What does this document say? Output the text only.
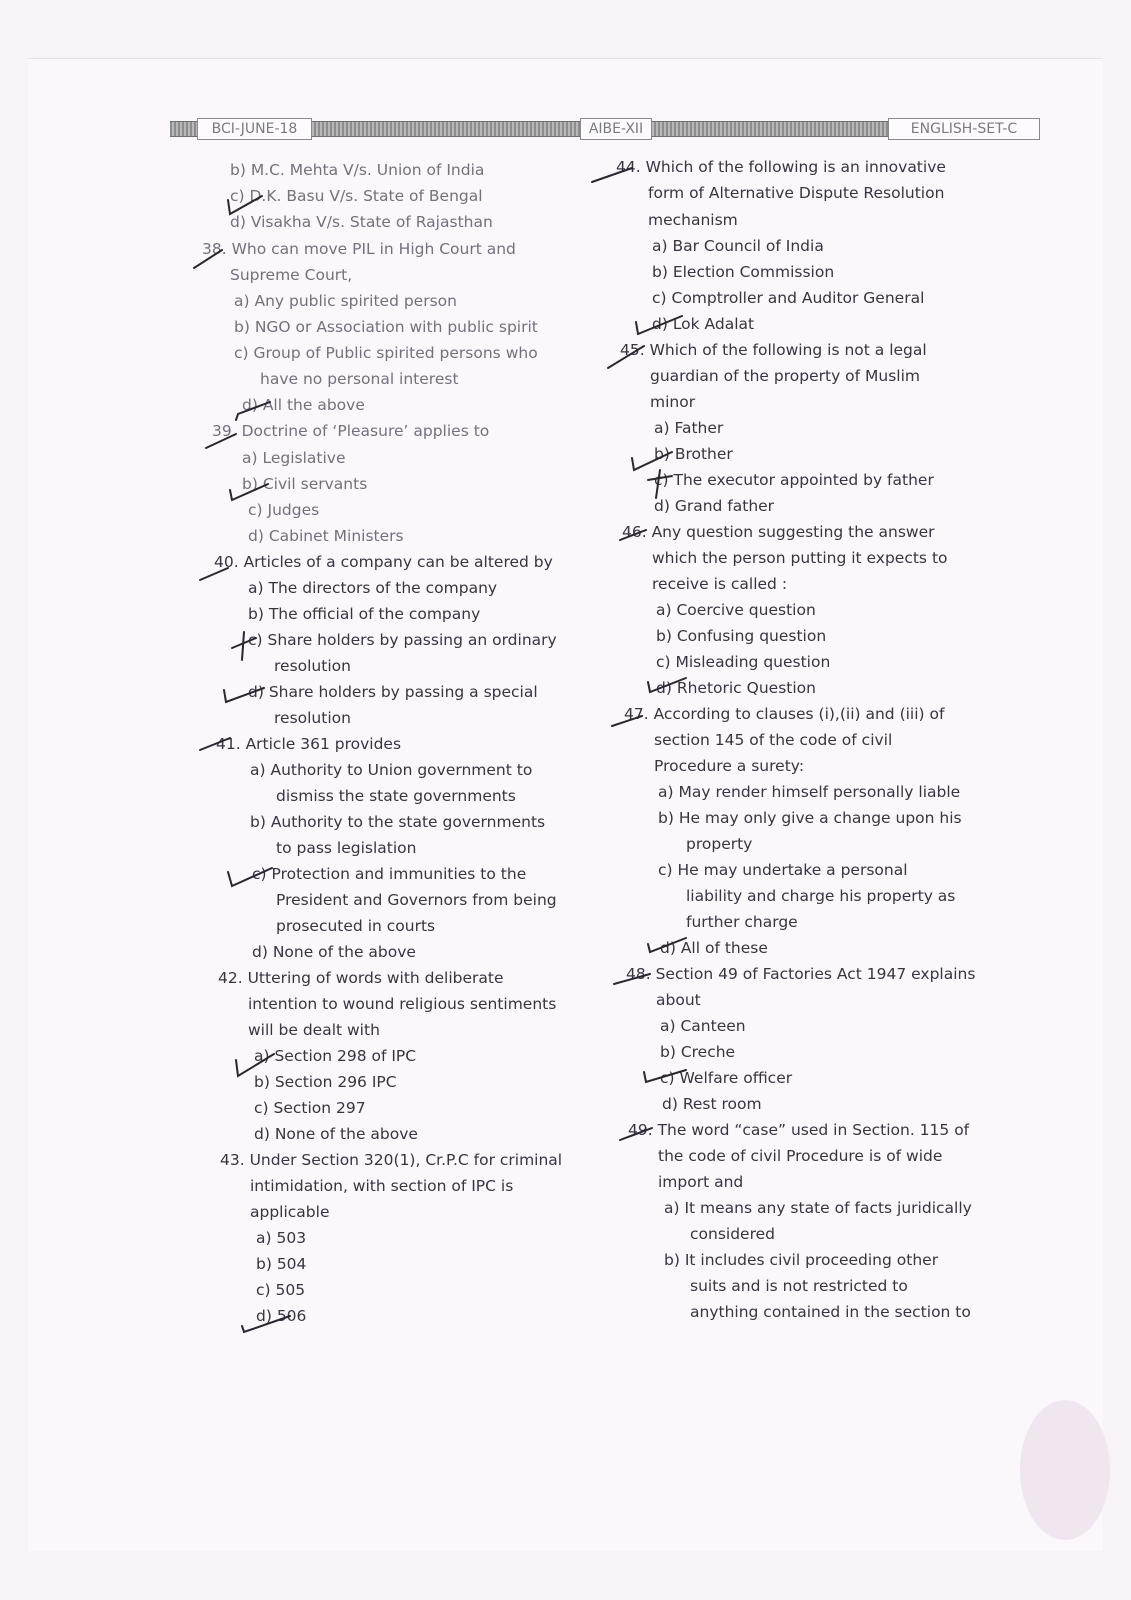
BCI-JUNE-18	AIBE-XII	ENGLISH-SET-C
b) M.C. Mehta V/s. Union of India
c) D.K. Basu V/s. State of Bengal
d) Visakha V/s. State of Rajasthan
38. Who can move PIL in High Court and
Supreme Court,
a) Any public spirited person
b) NGO or Association with public spirit
c) Group of Public spirited persons who
have no personal interest
d) All the above
39. Doctrine of ‘Pleasure’ applies to
a) Legislative
b) Civil servants
c) Judges
d) Cabinet Ministers
40. Articles of a company can be altered by
a) The directors of the company
b) The official of the company
c) Share holders by passing an ordinary
resolution
d) Share holders by passing a special
resolution
41. Article 361 provides
a) Authority to Union government to
dismiss the state governments
b) Authority to the state governments
to pass legislation
c) Protection and immunities to the
President and Governors from being
prosecuted in courts
d) None of the above
42. Uttering of words with deliberate
intention to wound religious sentiments
will be dealt with
a) Section 298 of IPC
b) Section 296 IPC
c) Section 297
d) None of the above
43. Under Section 320(1), Cr.P.C for criminal
intimidation, with section of IPC is
applicable
a) 503
b) 504
c) 505
d) 506
44. Which of the following is an innovative
form of Alternative Dispute Resolution
mechanism
a) Bar Council of India
b) Election Commission
c) Comptroller and Auditor General
d) Lok Adalat
45. Which of the following is not a legal
guardian of the property of Muslim
minor
a) Father
b) Brother
c) The executor appointed by father
d) Grand father
46. Any question suggesting the answer
which the person putting it expects to
receive is called :
a) Coercive question
b) Confusing question
c) Misleading question
d) Rhetoric Question
47. According to clauses (i),(ii) and (iii) of
section 145 of the code of civil
Procedure a surety:
a) May render himself personally liable
b) He may only give a change upon his
property
c) He may undertake a personal
liability and charge his property as
further charge
d) All of these
48. Section 49 of Factories Act 1947 explains
about
a) Canteen
b) Creche
c) Welfare officer
d) Rest room
49. The word “case” used in Section. 115 of
the code of civil Procedure is of wide
import and
a) It means any state of facts juridically
considered
b) It includes civil proceeding other
suits and is not restricted to
anything contained in the section to
